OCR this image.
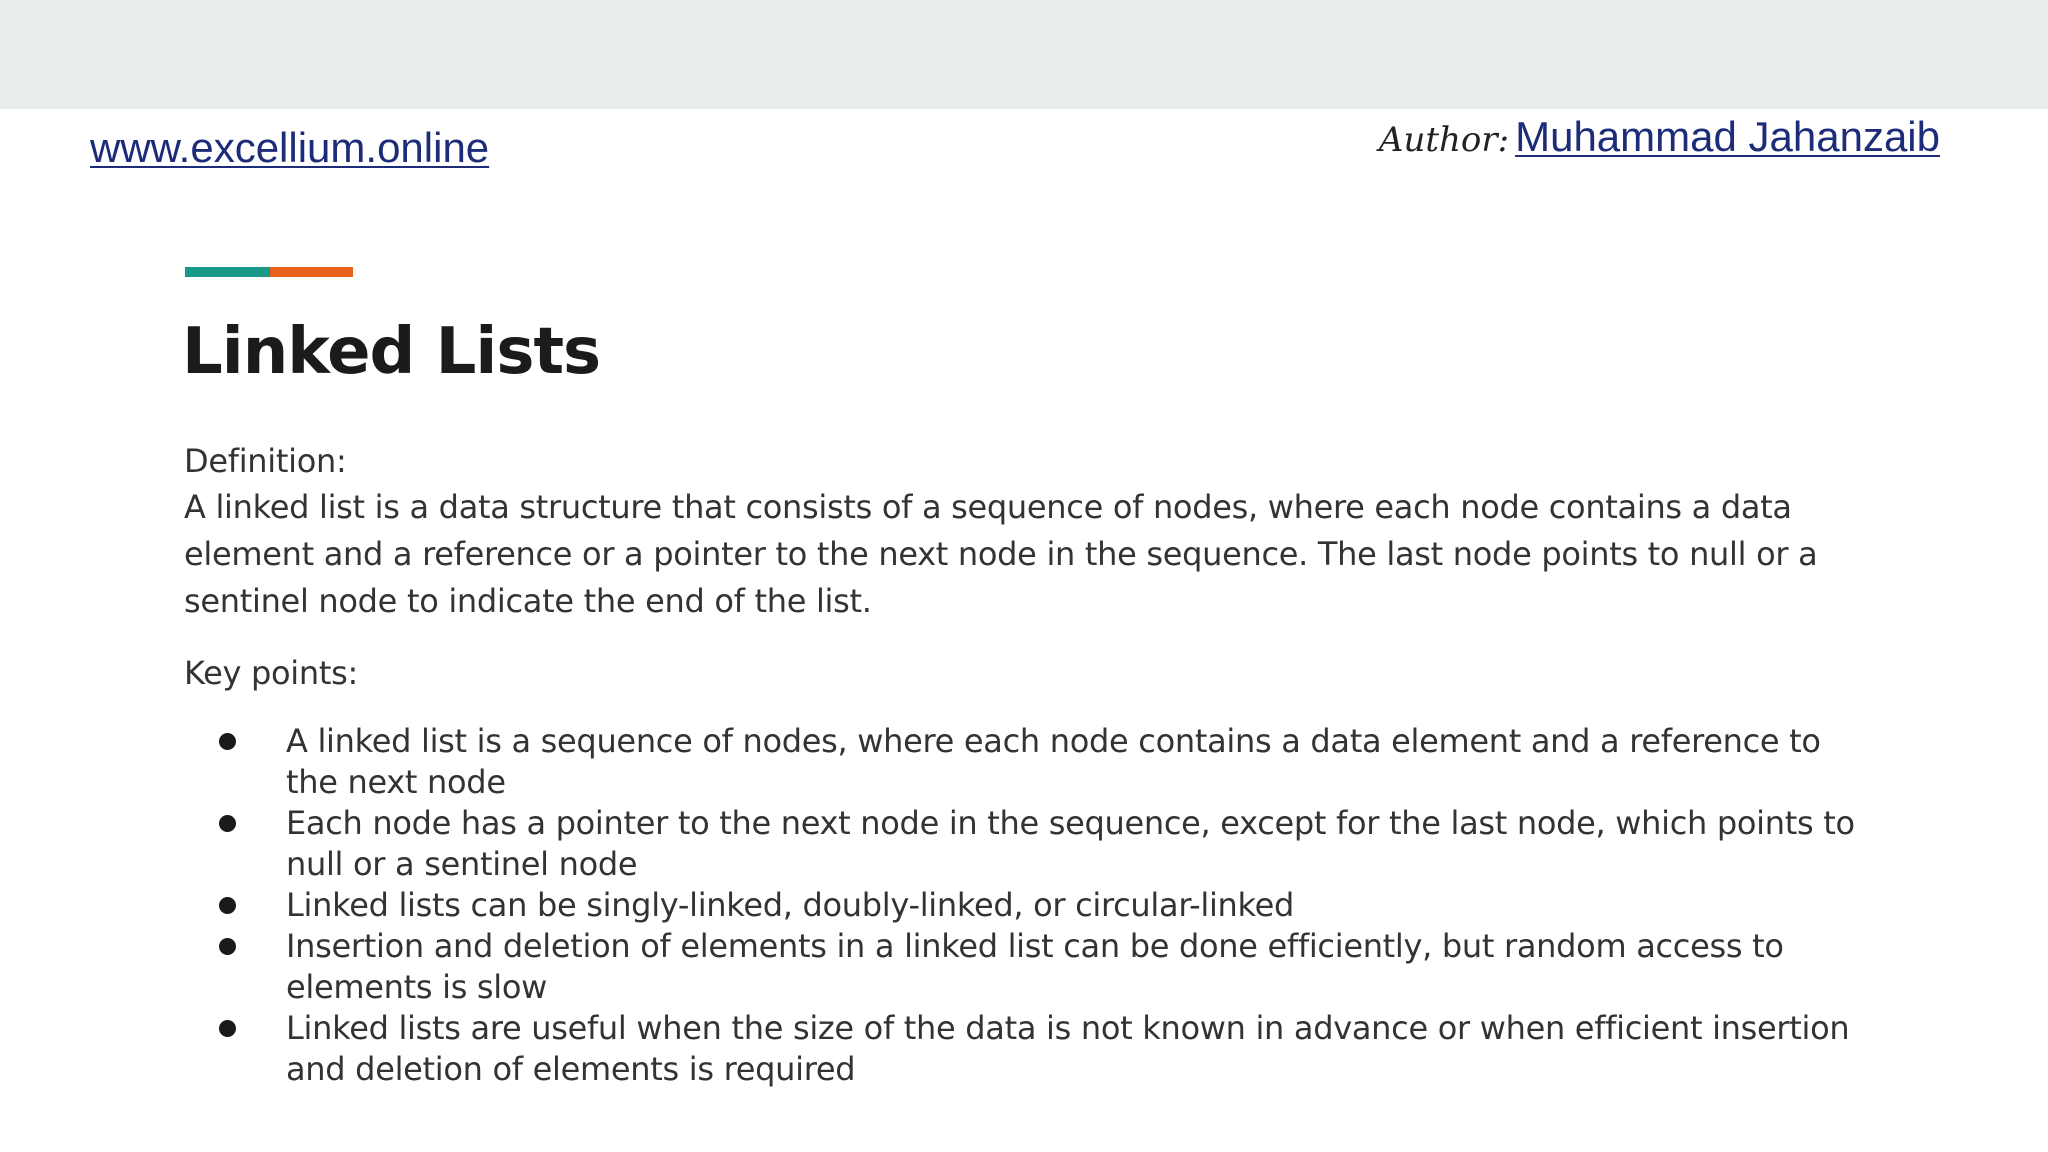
www.excellium.online	Author: Muhammad Jahanzaib
Linked Lists
Definition:
A linked list is a data structure that consists of a sequence of nodes, where each node contains a data element and a reference or a pointer to the next node in the sequence. The last node points to null or a sentinel node to indicate the end of the list.
Key points:
A linked list is a sequence of nodes, where each node contains a data element and a reference to the next node
Each node has a pointer to the next node in the sequence, except for the last node, which points to null or a sentinel node
Linked lists can be singly-linked, doubly-linked, or circular-linked
Insertion and deletion of elements in a linked list can be done efficiently, but random access to elements is slow
Linked lists are useful when the size of the data is not known in advance or when efficient insertion and deletion of elements is required
